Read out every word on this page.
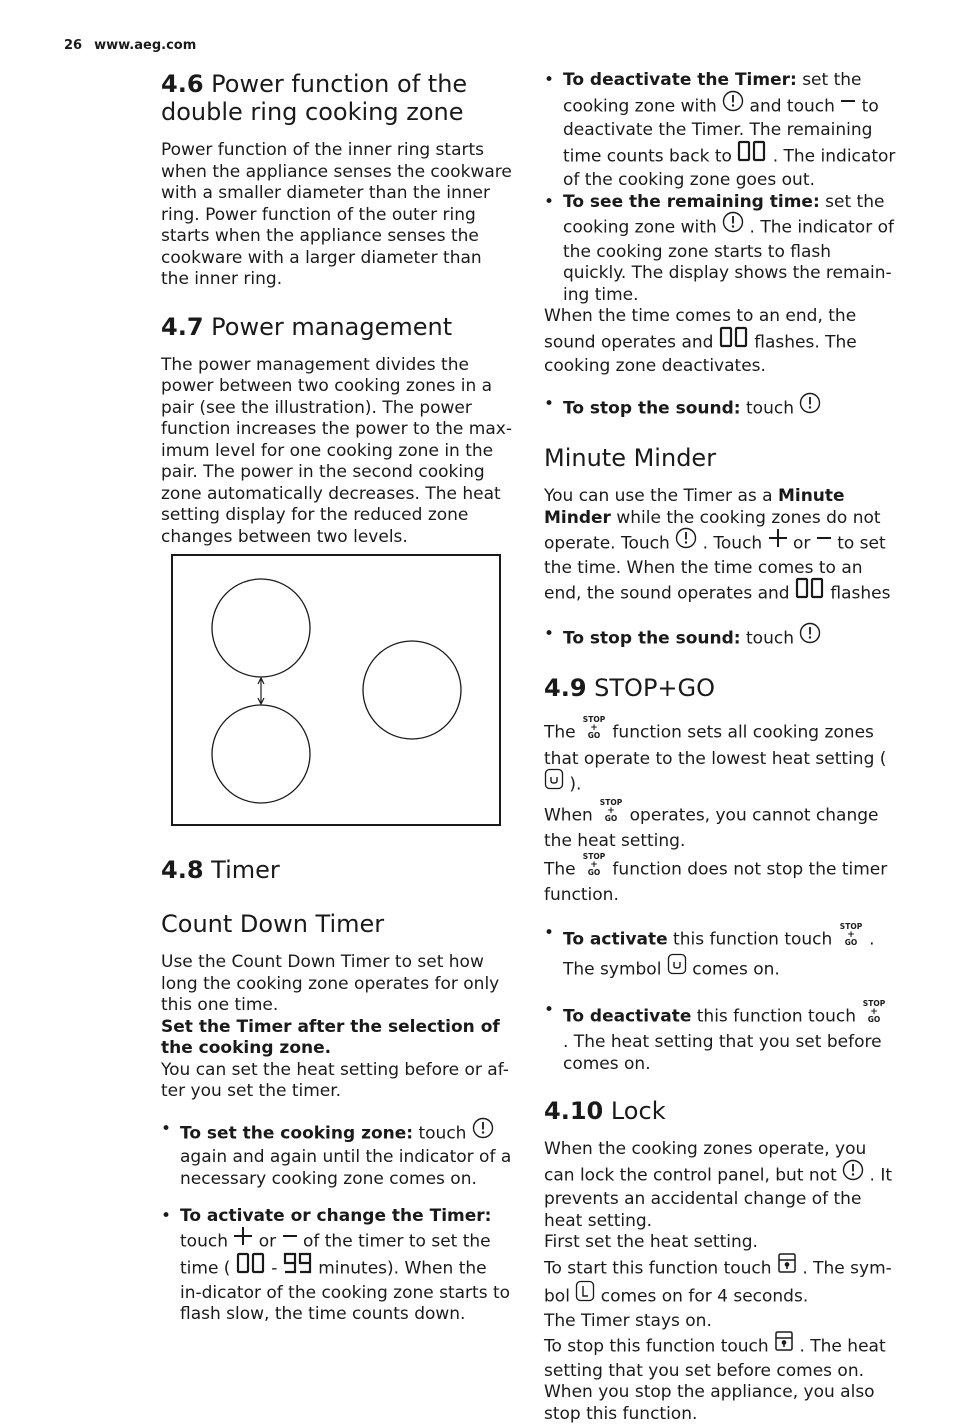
26 www.aeg.com
4.6 Power function of the double ring cooking zone

Power function of the inner ring starts when the appliance senses the cookware with a smaller diameter than the inner ring. Power function of the outer ring starts when the appliance senses the cookware with a larger diameter than the inner ring.

4.7 Power management

The power management divides the power between two cooking zones in a pair (see the illustration). The power function increases the power to the max-imum level for one cooking zone in the pair. The power in the second cooking zone automatically decreases. The heat setting display for the reduced zone changes between two levels.

4.8 Timer
Count Down Timer

Use the Count Down Timer to set how long the cooking zone operates for only this one time.

Set the Timer after the selection of the cooking zone.

You can set the heat setting before or af-ter you set the timer.

• To set the cooking zone: touch  again and again until the indicator of a necessary cooking zone comes on.
• To activate or change the Timer:
touch  or  of the timer to set the time (  -  minutes). When the in-dicator of the cooking zone starts to flash slow, the time counts down.
• To deactivate the Timer: set the cooking zone with  and touch  to deactivate the Timer. The remaining time counts back to  . The indicator of the cooking zone goes out.
• To see the remaining time: set the cooking zone with  . The indicator of the cooking zone starts to flash quickly. The display shows the remain-ing time.

When the time comes to an end, the sound operates and  flashes. The cooking zone deactivates.

• To stop the sound: touch
Minute Minder

You can use the Timer as a Minute Minder while the cooking zones do not operate. Touch  . Touch  or  to set the time. When the time comes to an end, the sound operates and  flashes

• To stop the sound: touch
4.9 STOP+GO

The
STOP
+
GO function sets all cooking zones that operate to the lowest heat setting (  ).

When
STOP
+
GO operates, you cannot change the heat setting.

The
STOP
+
GO function does not stop the timer function.

• To activate this function touch
STOP
+
GO . The symbol  comes on.
• To deactivate this function touch
STOP
+
GO
. The heat setting that you set before comes on.
4.10 Lock

When the cooking zones operate, you can lock the control panel, but not  . It prevents an accidental change of the heat setting.

First set the heat setting.

To start this function touch  . The sym-bol  comes on for 4 seconds.

The Timer stays on.

To stop this function touch  . The heat setting that you set before comes on.

When you stop the appliance, you also stop this function.
